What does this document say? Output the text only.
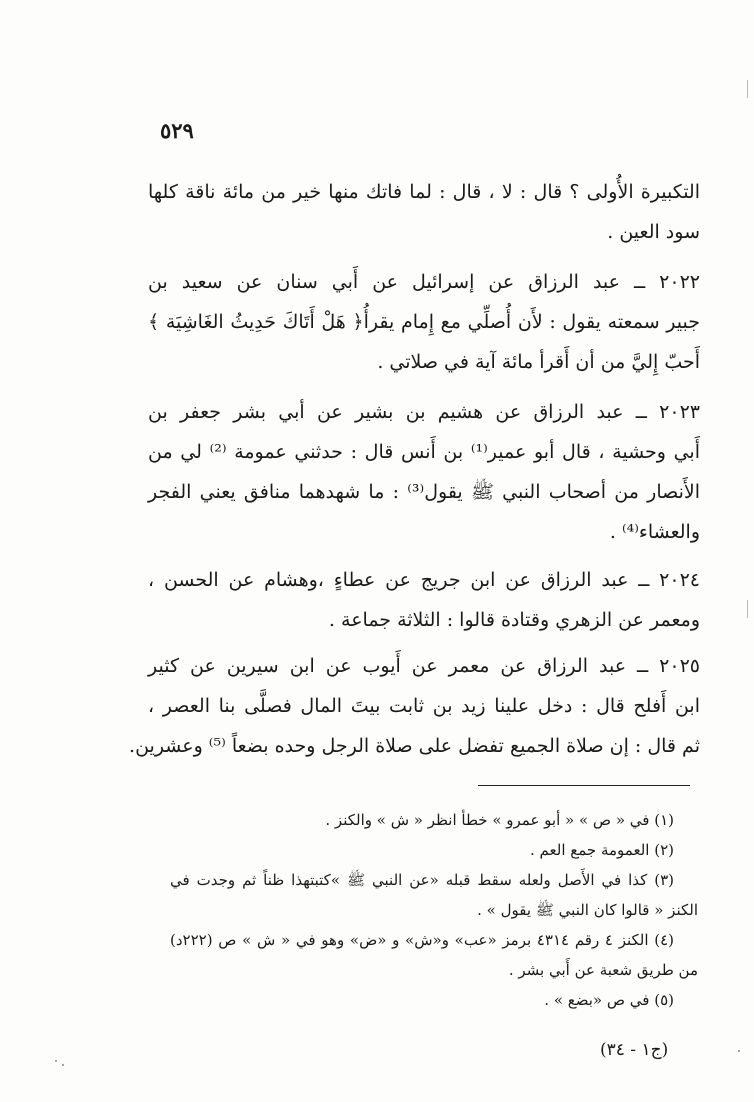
٥٢٩
التكبيرة الأُولى ؟ قال : لا ، قال : لما فاتك منها خير من مائة ناقة كلها
سود العين .
٢٠٢٢ ــ عبد الرزاق عن إسرائيل عن أَبي سنان عن سعيد بن
جبير سمعته يقول : لأَن أُصلِّي مع إِمام يقرأُ﴿ هَلْ أَتَاكَ حَدِيثُ الغَاشِيَة ﴾
أَحبّ إِليَّ من أن أَقرأ مائة آية في صلاتي .
٢٠٢٣ ــ عبد الرزاق عن هشيم بن بشير عن أبي بشر جعفر بن
أَبي وحشية ، قال أبو عمير⁽¹⁾ بن أَنس قال : حدثني عمومة ⁽²⁾ لي من
الأَنصار من أصحاب النبي ﷺ يقول⁽³⁾ : ما شهدهما منافق يعني الفجر
والعشاء⁽⁴⁾ .
٢٠٢٤ ــ عبد الرزاق عن ابن جريج عن عطاءٍ ،وهشام عن الحسن ،
ومعمر عن الزهري وقتادة قالوا : الثلاثة جماعة .
٢٠٢٥ ــ عبد الرزاق عن معمر عن أَيوب عن ابن سيرين عن كثير
ابن أَفلح قال : دخل علينا زيد بن ثابت بيتَ المال فصلَّى بنا العصر ،
ثم قال : إن صلاة الجميع تفضل على صلاة الرجل وحده بضعاً ⁽⁵⁾ وعشرين.
(١) في « ص » « أبو عمرو » خطأ انظر « ش » والكنز .
(٢) العمومة جمع العم .
(٣) كذا في الأَصل ولعله سقط قبله «عن النبي ﷺ »كتبتهذا ظناً ثم وجدت في
الكنز « قالوا كان النبي ﷺ يقول » .
(٤) الكنز ٤ رقم ٤٣١٤ برمز «عب» و«ش» و «ض» وهو في « ش » ص (٢٢٢د)
من طريق شعبة عن أَبي بشر .
(٥) في ص «بضع » .
(ج١ - ٣٤)
